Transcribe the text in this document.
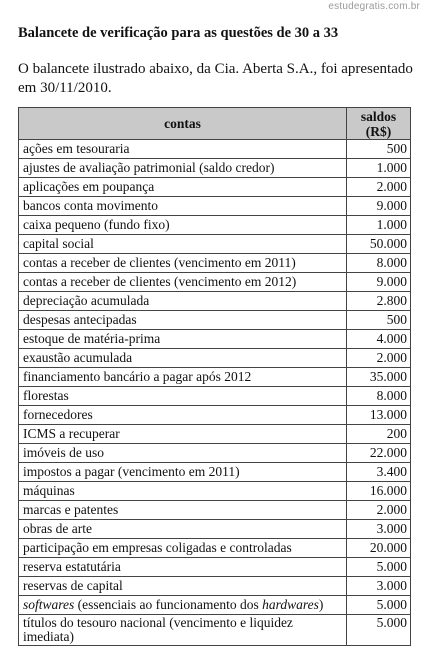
estudegratis.com.br
Balancete de verificação para as questões de 30 a 33
O balancete ilustrado abaixo, da Cia. Aberta S.A., foi apresentado em 30/11/2010.
contas	saldos
(R$)
ações em tesouraria	500
ajustes de avaliação patrimonial (saldo credor)	1.000
aplicações em poupança	2.000
bancos conta movimento	9.000
caixa pequeno (fundo fixo)	1.000
capital social	50.000
contas a receber de clientes (vencimento em 2011)	8.000
contas a receber de clientes (vencimento em 2012)	9.000
depreciação acumulada	2.800
despesas antecipadas	500
estoque de matéria-prima	4.000
exaustão acumulada	2.000
financiamento bancário a pagar após 2012	35.000
florestas	8.000
fornecedores	13.000
ICMS a recuperar	200
imóveis de uso	22.000
impostos a pagar (vencimento em 2011)	3.400
máquinas	16.000
marcas e patentes	2.000
obras de arte	3.000
participação em empresas coligadas e controladas	20.000
reserva estatutária	5.000
reservas de capital	3.000
softwares (essenciais ao funcionamento dos hardwares)	5.000
títulos do tesouro nacional (vencimento e liquidez imediata)	5.000
